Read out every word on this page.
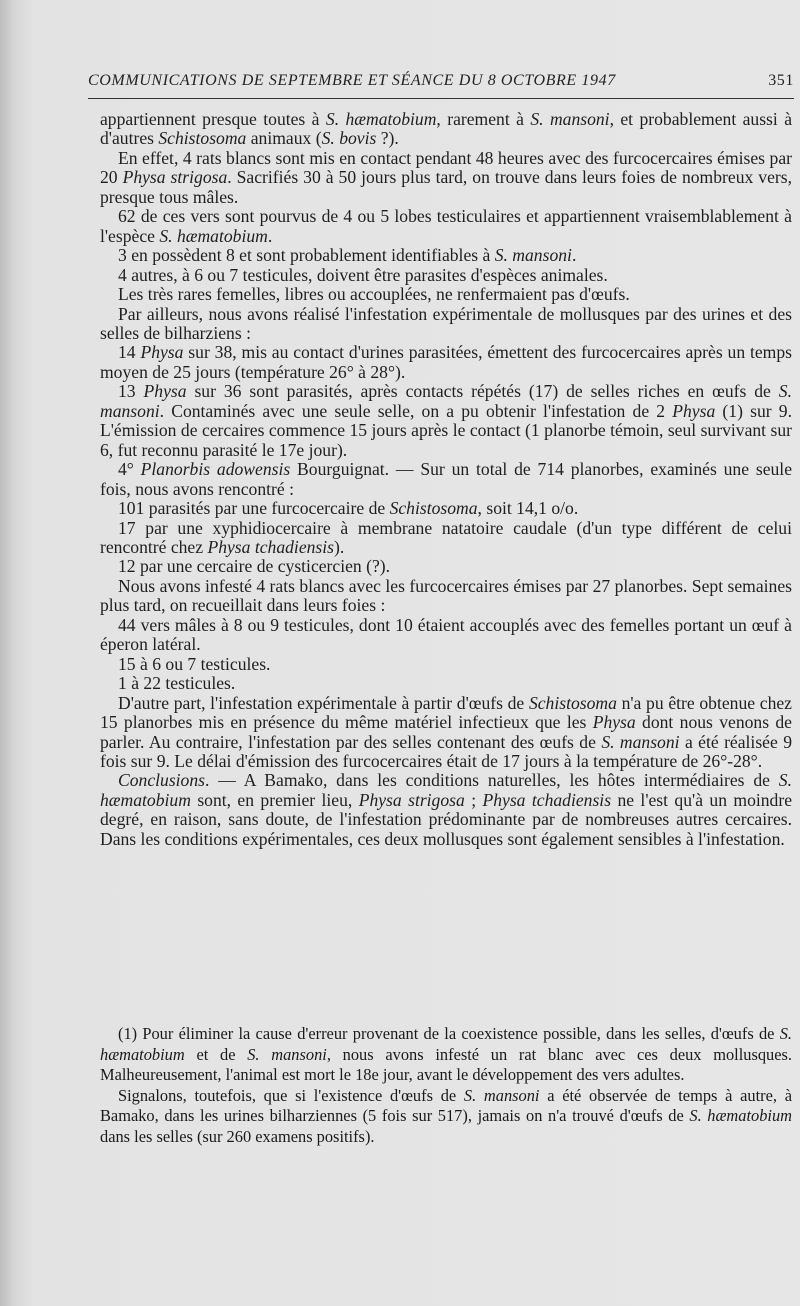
COMMUNICATIONS DE SEPTEMBRE ET SÉANCE DU 8 OCTOBRE 1947	351

appartiennent presque toutes à S. hæmatobium, rarement à S. mansoni, et probablement aussi à d'autres Schistosoma animaux (S. bovis ?).

En effet, 4 rats blancs sont mis en contact pendant 48 heures avec des furcocercaires émises par 20 Physa strigosa. Sacrifiés 30 à 50 jours plus tard, on trouve dans leurs foies de nombreux vers, presque tous mâles.

62 de ces vers sont pourvus de 4 ou 5 lobes testiculaires et appartiennent vraisemblablement à l'espèce S. hæmatobium.

3 en possèdent 8 et sont probablement identifiables à S. mansoni.

4 autres, à 6 ou 7 testicules, doivent être parasites d'espèces animales.

Les très rares femelles, libres ou accouplées, ne renfermaient pas d'œufs.

Par ailleurs, nous avons réalisé l'infestation expérimentale de mollusques par des urines et des selles de bilharziens :

14 Physa sur 38, mis au contact d'urines parasitées, émettent des furcocercaires après un temps moyen de 25 jours (température 26° à 28°).

13 Physa sur 36 sont parasités, après contacts répétés (17) de selles riches en œufs de S. mansoni. Contaminés avec une seule selle, on a pu obtenir l'infestation de 2 Physa (1) sur 9. L'émission de cercaires commence 15 jours après le contact (1 planorbe témoin, seul survivant sur 6, fut reconnu parasité le 17e jour).

4° Planorbis adowensis Bourguignat. — Sur un total de 714 planorbes, examinés une seule fois, nous avons rencontré :

101 parasités par une furcocercaire de Schistosoma, soit 14,1 o/o.

17 par une xyphidiocercaire à membrane natatoire caudale (d'un type différent de celui rencontré chez Physa tchadiensis).

12 par une cercaire de cysticercien (?).

Nous avons infesté 4 rats blancs avec les furcocercaires émises par 27 planorbes. Sept semaines plus tard, on recueillait dans leurs foies :

44 vers mâles à 8 ou 9 testicules, dont 10 étaient accouplés avec des femelles portant un œuf à éperon latéral.

15 à 6 ou 7 testicules.

1 à 22 testicules.

D'autre part, l'infestation expérimentale à partir d'œufs de Schistosoma n'a pu être obtenue chez 15 planorbes mis en présence du même matériel infectieux que les Physa dont nous venons de parler. Au contraire, l'infestation par des selles contenant des œufs de S. mansoni a été réalisée 9 fois sur 9. Le délai d'émission des furcocercaires était de 17 jours à la température de 26°-28°.

Conclusions. — A Bamako, dans les conditions naturelles, les hôtes intermédiaires de S. hæmatobium sont, en premier lieu, Physa strigosa ; Physa tchadiensis ne l'est qu'à un moindre degré, en raison, sans doute, de l'infestation prédominante par de nombreuses autres cercaires. Dans les conditions expérimentales, ces deux mollusques sont également sensibles à l'infestation.

(1) Pour éliminer la cause d'erreur provenant de la coexistence possible, dans les selles, d'œufs de S. hæmatobium et de S. mansoni, nous avons infesté un rat blanc avec ces deux mollusques. Malheureusement, l'animal est mort le 18e jour, avant le développement des vers adultes.

Signalons, toutefois, que si l'existence d'œufs de S. mansoni a été observée de temps à autre, à Bamako, dans les urines bilharziennes (5 fois sur 517), jamais on n'a trouvé d'œufs de S. hæmatobium dans les selles (sur 260 examens positifs).
